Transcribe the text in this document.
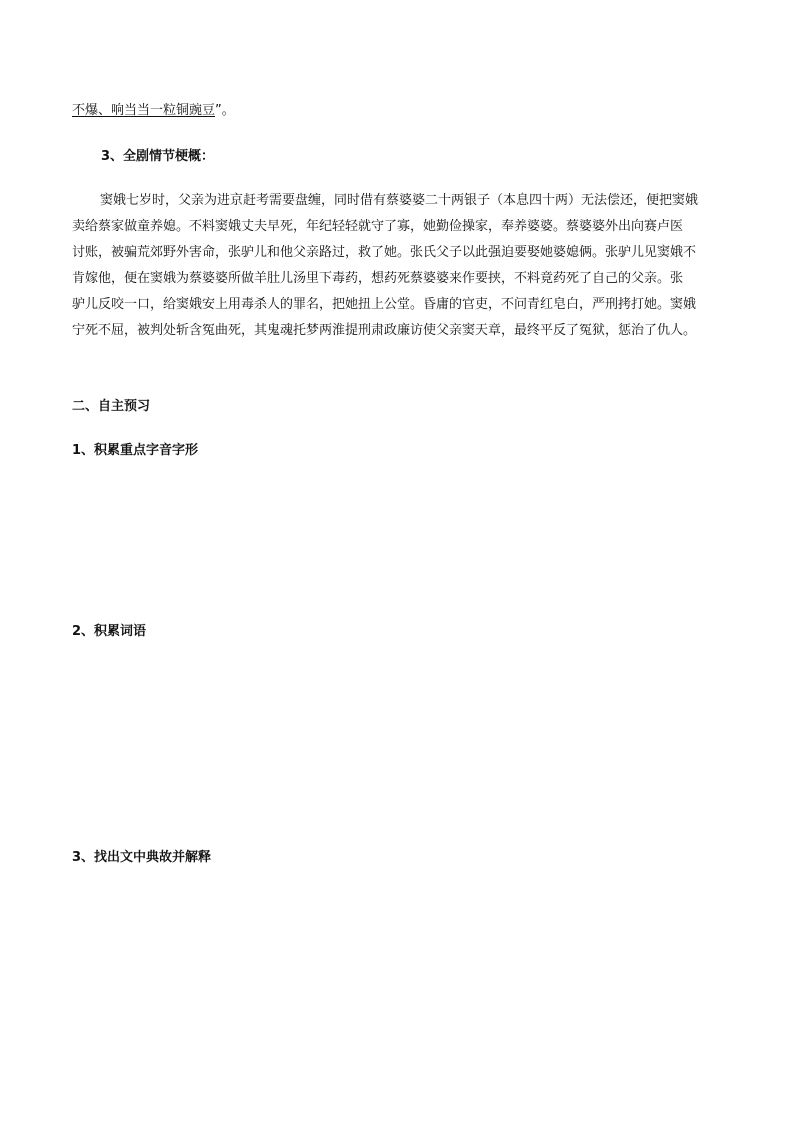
不爆、响当当一粒铜豌豆”。
3、全剧情节梗概：
窦娥七岁时，父亲为进京赶考需要盘缠，同时借有蔡婆婆二十两银子（本息四十两）无法偿还，便把窦娥
卖给蔡家做童养媳。不料窦娥丈夫早死，年纪轻轻就守了寡，她勤俭操家，奉养婆婆。蔡婆婆外出向赛卢医
讨账，被骗荒郊野外害命，张驴儿和他父亲路过，救了她。张氏父子以此强迫要娶她婆媳俩。张驴儿见窦娥不
肯嫁他，便在窦娥为蔡婆婆所做羊肚儿汤里下毒药，想药死蔡婆婆来作要挟，不料竟药死了自己的父亲。张
驴儿反咬一口，给窦娥安上用毒杀人的罪名，把她扭上公堂。昏庸的官吏，不问青红皂白，严刑拷打她。窦娥
宁死不屈，被判处斩含冤曲死，其鬼魂托梦两淮提刑肃政廉访使父亲窦天章，最终平反了冤狱，惩治了仇人。
二、自主预习
1、积累重点字音字形
2、积累词语
3、找出文中典故并解释
